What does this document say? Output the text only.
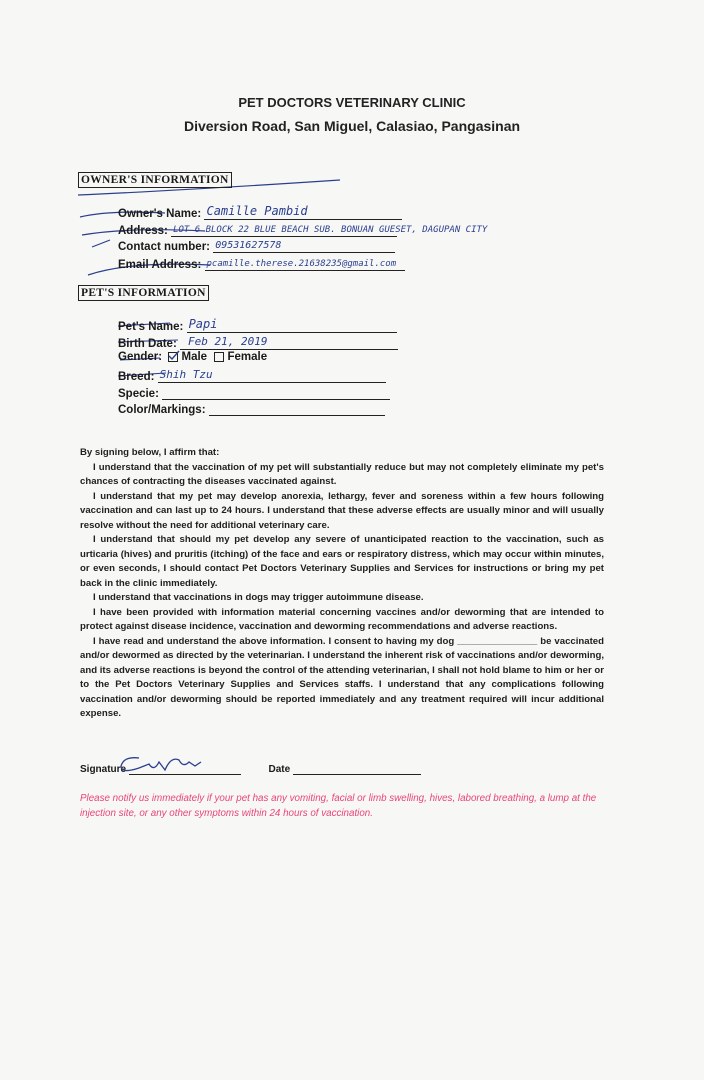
PET DOCTORS VETERINARY CLINIC
Diversion Road, San Miguel, Calasiao, Pangasinan
OWNER'S INFORMATION
Owner's Name: Camille Pambid
Address: LOT 6 BLOCK 22 BLUE BEACH SUB. BONUAN GUESET, DAGUPAN CITY
Contact number: 09531627578
Email Address: pcamille.therese.21638235@gmail.com
PET'S INFORMATION
Pet's Name: Papi
Birth Date: Feb 21, 2019
Gender: Male Female
Breed: Shih Tzu
Specie:
Color/Markings:

By signing below, I affirm that:

I understand that the vaccination of my pet will substantially reduce but may not completely eliminate my pet's chances of contracting the diseases vaccinated against.

I understand that my pet may develop anorexia, lethargy, fever and soreness within a few hours following vaccination and can last up to 24 hours. I understand that these adverse effects are usually minor and will usually resolve without the need for additional veterinary care.

I understand that should my pet develop any severe of unanticipated reaction to the vaccination, such as urticaria (hives) and pruritis (itching) of the face and ears or respiratory distress, which may occur within minutes, or even seconds, I should contact Pet Doctors Veterinary Supplies and Services for instructions or bring my pet back in the clinic immediately.

I understand that vaccinations in dogs may trigger autoimmune disease.

I have been provided with information material concerning vaccines and/or deworming that are intended to protect against disease incidence, vaccination and deworming recommendations and adverse reactions.

I have read and understand the above information. I consent to having my dog _______________ be vaccinated and/or dewormed as directed by the veterinarian. I understand the inherent risk of vaccinations and/or deworming, and its adverse reactions is beyond the control of the attending veterinarian, I shall not hold blame to him or her or to the Pet Doctors Veterinary Supplies and Services staffs. I understand that any complications following vaccination and/or deworming should be reported immediately and any treatment required will incur additional expense.

Signature	Date
Please notify us immediately if your pet has any vomiting, facial or limb swelling, hives, labored breathing, a lump at the injection site, or any other symptoms within 24 hours of vaccination.
